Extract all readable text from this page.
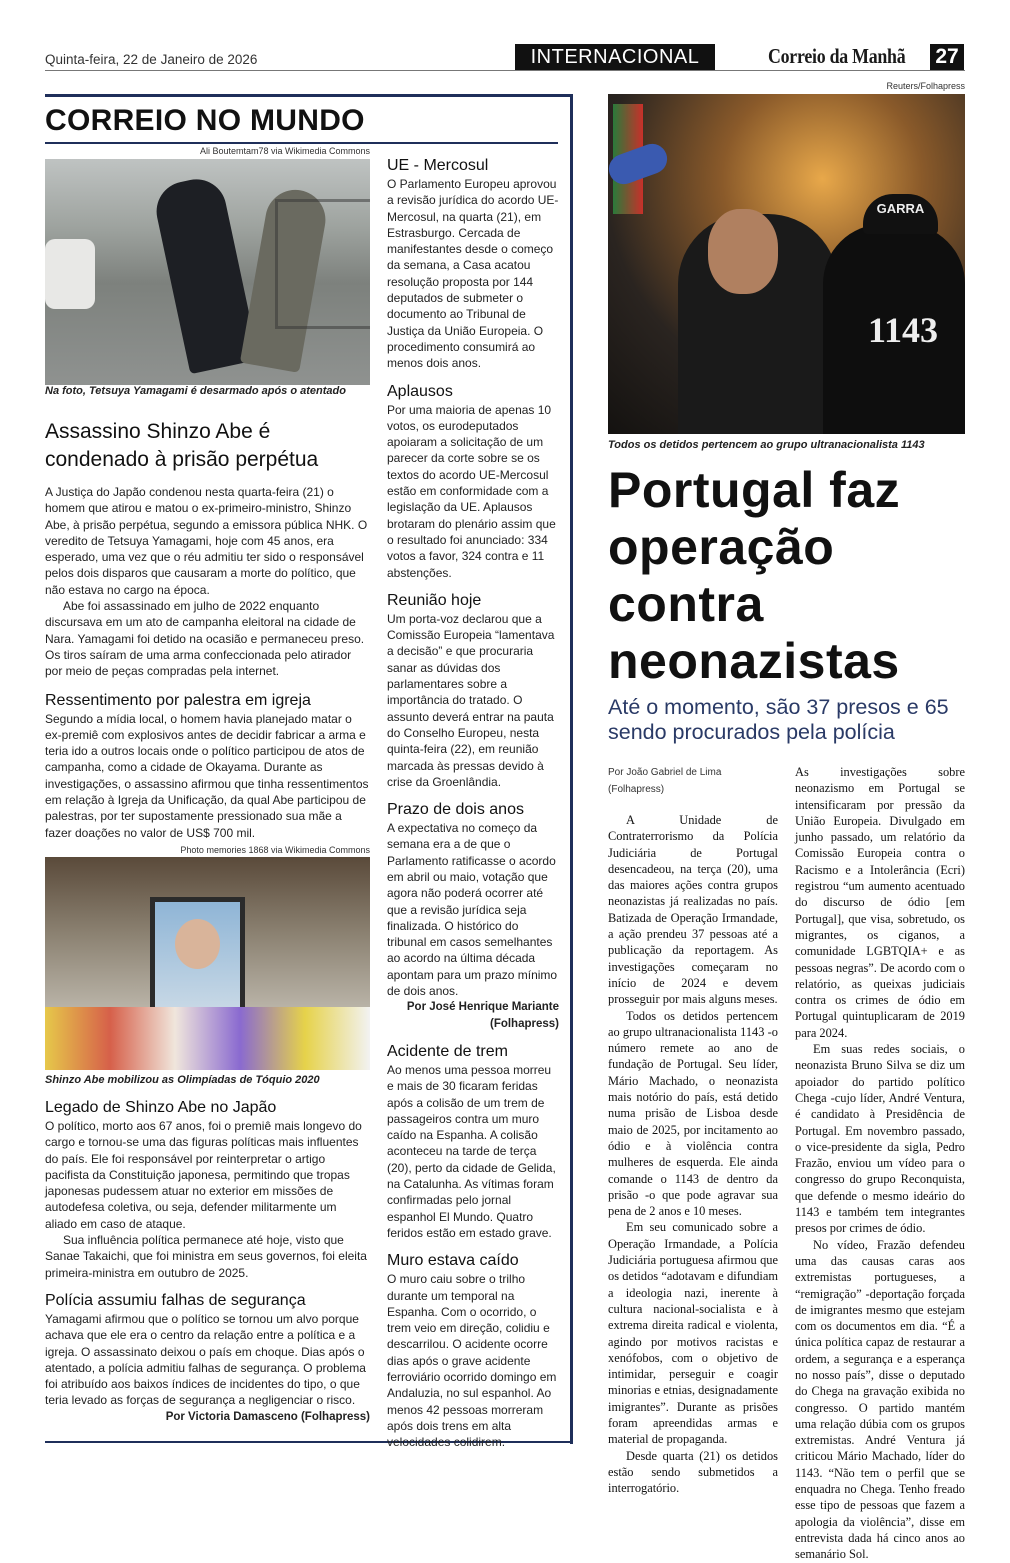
Quinta-feira, 22 de Janeiro de 2026	INTERNACIONAL	Correio da Manhã 27
CORREIO NO MUNDO
Ali Boutemtam78 via Wikimedia Commons
Na foto, Tetsuya Yamagami é desarmado após o atentado
Assassino Shinzo Abe é condenado à prisão perpétua

A Justiça do Japão condenou nesta quarta-feira (21) o homem que atirou e matou o ex-primeiro-ministro, Shinzo Abe, à prisão perpétua, segundo a emissora pública NHK. O veredito de Tetsuya Yamagami, hoje com 45 anos, era esperado, uma vez que o réu admitiu ter sido o responsável pelos dois disparos que causaram a morte do político, que não estava no cargo na época.

Abe foi assassinado em julho de 2022 enquanto discursava em um ato de campanha eleitoral na cidade de Nara. Yamagami foi detido na ocasião e permaneceu preso. Os tiros saíram de uma arma confeccionada pelo atirador por meio de peças compradas pela internet.

Ressentimento por palestra em igreja

Segundo a mídia local, o homem havia planejado matar o ex-premiê com explosivos antes de decidir fabricar a arma e teria ido a outros locais onde o político participou de atos de campanha, como a cidade de Okayama. Durante as investigações, o assassino afirmou que tinha ressentimentos em relação à Igreja da Unificação, da qual Abe participou de palestras, por ter supostamente pressionado sua mãe a fazer doações no valor de US$ 700 mil.

Photo memories 1868 via Wikimedia Commons
Shinzo Abe mobilizou as Olimpíadas de Tóquio 2020
Legado de Shinzo Abe no Japão

O político, morto aos 67 anos, foi o premiê mais longevo do cargo e tornou-se uma das figuras políticas mais influentes do país. Ele foi responsável por reinterpretar o artigo pacifista da Constituição japonesa, permitindo que tropas japonesas pudessem atuar no exterior em missões de autodefesa coletiva, ou seja, defender militarmente um aliado em caso de ataque.

Sua influência política permanece até hoje, visto que Sanae Takaichi, que foi ministra em seus governos, foi eleita primeira-ministra em outubro de 2025.

Polícia assumiu falhas de segurança

Yamagami afirmou que o político se tornou um alvo porque achava que ele era o centro da relação entre a política e a igreja. O assassinato deixou o país em choque. Dias após o atentado, a polícia admitiu falhas de segurança. O problema foi atribuído aos baixos índices de incidentes do tipo, o que teria levado as forças de segurança a negligenciar o risco.

Por Victoria Damasceno (Folhapress)
UE - Mercosul

O Parlamento Europeu aprovou a revisão jurídica do acordo UE-Mercosul, na quarta (21), em Estrasburgo. Cercada de manifestantes desde o começo da semana, a Casa acatou resolução proposta por 144 deputados de submeter o documento ao Tribunal de Justiça da União Europeia. O procedimento consumirá ao menos dois anos.

Aplausos

Por uma maioria de apenas 10 votos, os eurodeputados apoiaram a solicitação de um parecer da corte sobre se os textos do acordo UE-Mercosul estão em conformidade com a legislação da UE. Aplausos brotaram do plenário assim que o resultado foi anunciado: 334 votos a favor, 324 contra e 11 abstenções.

Reunião hoje

Um porta-voz declarou que a Comissão Europeia “lamentava a decisão” e que procuraria sanar as dúvidas dos parlamentares sobre a importância do tratado. O assunto deverá entrar na pauta do Conselho Europeu, nesta quinta-feira (22), em reunião marcada às pressas devido à crise da Groenlândia.

Prazo de dois anos

A expectativa no começo da semana era a de que o Parlamento ratificasse o acordo em abril ou maio, votação que agora não poderá ocorrer até que a revisão jurídica seja finalizada. O histórico do tribunal em casos semelhantes ao acordo na última década apontam para um prazo mínimo de dois anos.

Por José Henrique Mariante (Folhapress)
Acidente de trem

Ao menos uma pessoa morreu e mais de 30 ficaram feridas após a colisão de um trem de passageiros contra um muro caído na Espanha. A colisão aconteceu na tarde de terça (20), perto da cidade de Gelida, na Catalunha. As vítimas foram confirmadas pelo jornal espanhol El Mundo. Quatro feridos estão em estado grave.

Muro estava caído

O muro caiu sobre o trilho durante um temporal na Espanha. Com o ocorrido, o trem veio em direção, colidiu e descarrilou. O acidente ocorre dias após o grave acidente ferroviário ocorrido domingo em Andaluzia, no sul espanhol. Ao menos 42 pessoas morreram após dois trens em alta velocidades colidirem.

Reuters/Folhapress
GARRA
1143
Todos os detidos pertencem ao grupo ultranacionalista 1143
Portugal faz operação contra neonazistas
Até o momento, são 37 presos e 65 sendo procurados pela polícia
Por João Gabriel de Lima
(Folhapress)

A Unidade de Contraterrorismo da Polícia Judiciária de Portugal desencadeou, na terça (20), uma das maiores ações contra grupos neonazistas já realizadas no país. Batizada de Operação Irmandade, a ação prendeu 37 pessoas até a publicação da reportagem. As investigações começaram no início de 2024 e devem prosseguir por mais alguns meses.

Todos os detidos pertencem ao grupo ultranacionalista 1143 -o número remete ao ano de fundação de Portugal. Seu líder, Mário Machado, o neonazista mais notório do país, está detido numa prisão de Lisboa desde maio de 2025, por incitamento ao ódio e à violência contra mulheres de esquerda. Ele ainda comande o 1143 de dentro da prisão -o que pode agravar sua pena de 2 anos e 10 meses.

Em seu comunicado sobre a Operação Irmandade, a Polícia Judiciária portuguesa afirmou que os detidos “adotavam e difundiam a ideologia nazi, inerente à cultura nacional-socialista e à extrema direita radical e violenta, agindo por motivos racistas e xenófobos, com o objetivo de intimidar, perseguir e coagir minorias e etnias, designadamente imigrantes”. Durante as prisões foram apreendidas armas e material de propaganda.

Desde quarta (21) os detidos estão sendo submetidos a interrogatório.

As investigações sobre neonazismo em Portugal se intensificaram por pressão da União Europeia. Divulgado em junho passado, um relatório da Comissão Europeia contra o Racismo e a Intolerância (Ecri) registrou “um aumento acentuado do discurso de ódio [em Portugal], que visa, sobretudo, os migrantes, os ciganos, a comunidade LGBTQIA+ e as pessoas negras”. De acordo com o relatório, as queixas judiciais contra os crimes de ódio em Portugal quintuplicaram de 2019 para 2024.

Em suas redes sociais, o neonazista Bruno Silva se diz um apoiador do partido político Chega -cujo líder, André Ventura, é candidato à Presidência de Portugal. Em novembro passado, o vice-presidente da sigla, Pedro Frazão, enviou um vídeo para o congresso do grupo Reconquista, que defende o mesmo ideário do 1143 e também tem integrantes presos por crimes de ódio.

No vídeo, Frazão defendeu uma das causas caras aos extremistas portugueses, a “remigração” -deportação forçada de imigrantes mesmo que estejam com os documentos em dia. “É a única política capaz de restaurar a ordem, a segurança e a esperança no nosso país”, disse o deputado do Chega na gravação exibida no congresso. O partido mantém uma relação dúbia com os grupos extremistas. André Ventura já criticou Mário Machado, líder do 1143. “Não tem o perfil que se enquadra no Chega. Tenho freado esse tipo de pessoas que fazem a apologia da violência”, disse em entrevista dada há cinco anos ao semanário Sol.
